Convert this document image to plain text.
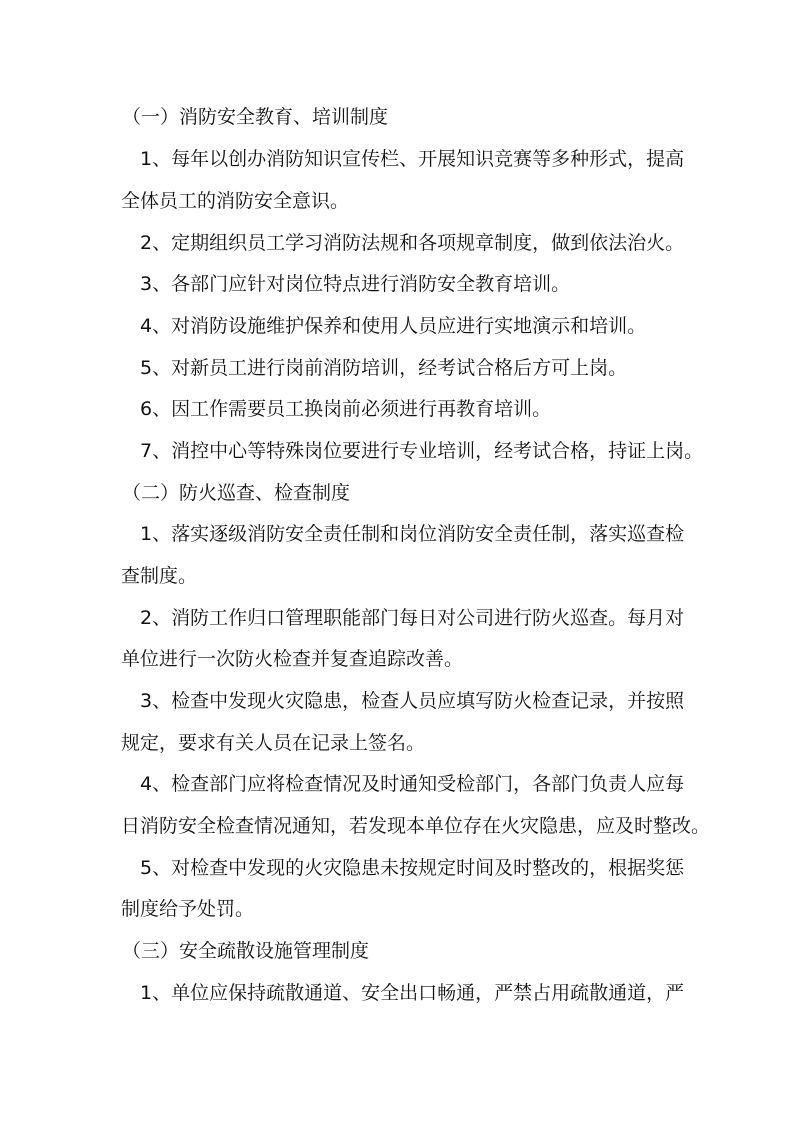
（一）消防安全教育、培训制度
1、每年以创办消防知识宣传栏、开展知识竞赛等多种形式，提高
全体员工的消防安全意识。
2、定期组织员工学习消防法规和各项规章制度，做到依法治火。
3、各部门应针对岗位特点进行消防安全教育培训。
4、对消防设施维护保养和使用人员应进行实地演示和培训。
5、对新员工进行岗前消防培训，经考试合格后方可上岗。
6、因工作需要员工换岗前必须进行再教育培训。
7、消控中心等特殊岗位要进行专业培训，经考试合格，持证上岗。
（二）防火巡查、检查制度
1、落实逐级消防安全责任制和岗位消防安全责任制，落实巡查检
查制度。
2、消防工作归口管理职能部门每日对公司进行防火巡查。每月对
单位进行一次防火检查并复查追踪改善。
3、检查中发现火灾隐患，检查人员应填写防火检查记录，并按照
规定，要求有关人员在记录上签名。
4、检查部门应将检查情况及时通知受检部门，各部门负责人应每
日消防安全检查情况通知，若发现本单位存在火灾隐患，应及时整改。
5、对检查中发现的火灾隐患未按规定时间及时整改的，根据奖惩
制度给予处罚。
（三）安全疏散设施管理制度
1、单位应保持疏散通道、安全出口畅通，严禁占用疏散通道，严
